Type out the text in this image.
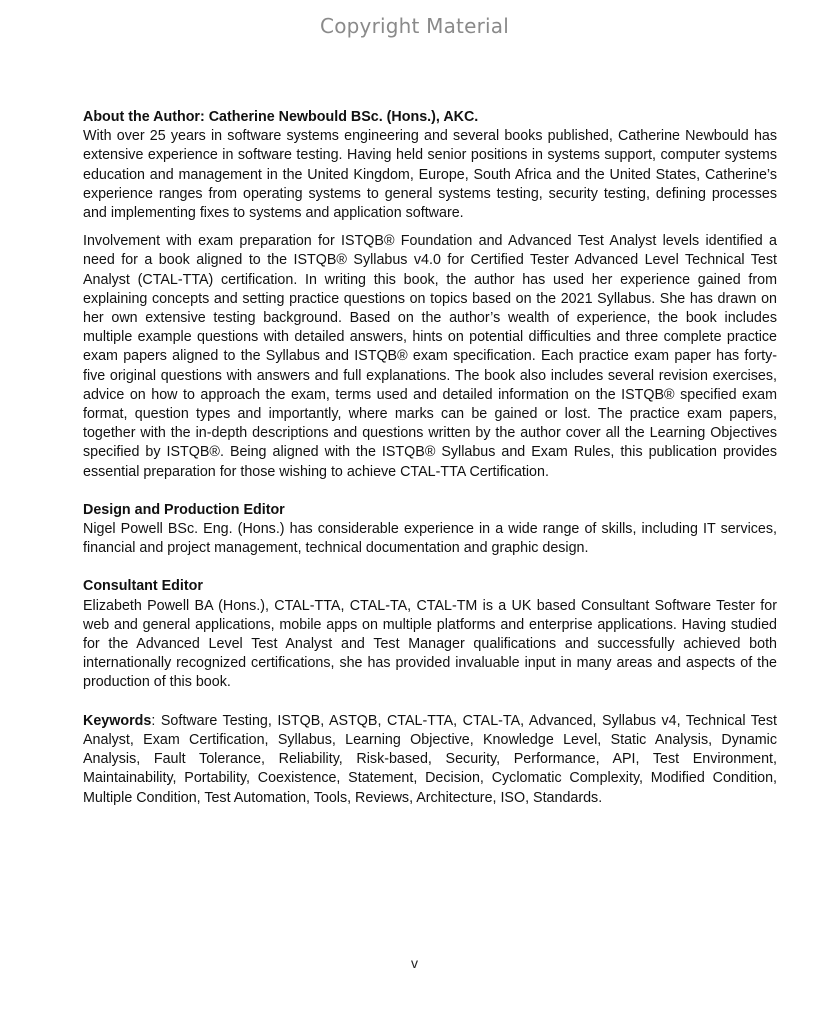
Copyright Material

About the Author: Catherine Newbould BSc. (Hons.), AKC.

With over 25 years in software systems engineering and several books published, Catherine Newbould has extensive experience in software testing. Having held senior positions in systems support, computer systems education and management in the United Kingdom, Europe, South Africa and the United States, Catherine’s experience ranges from operating systems to general systems testing, security testing, defining processes and implementing fixes to systems and application software.

Involvement with exam preparation for ISTQB® Foundation and Advanced Test Analyst levels identified a need for a book aligned to the ISTQB® Syllabus v4.0 for Certified Tester Advanced Level Technical Test Analyst (CTAL-TTA) certification. In writing this book, the author has used her experience gained from explaining concepts and setting practice questions on topics based on the 2021 Syllabus. She has drawn on her own extensive testing background. Based on the author’s wealth of experience, the book includes multiple example questions with detailed answers, hints on potential difficulties and three complete practice exam papers aligned to the Syllabus and ISTQB® exam specification. Each practice exam paper has forty-five original questions with answers and full explanations. The book also includes several revision exercises, advice on how to approach the exam, terms used and detailed information on the ISTQB® specified exam format, question types and importantly, where marks can be gained or lost. The practice exam papers, together with the in-depth descriptions and questions written by the author cover all the Learning Objectives specified by ISTQB®. Being aligned with the ISTQB® Syllabus and Exam Rules, this publication provides essential preparation for those wishing to achieve CTAL-TTA Certification.

Design and Production Editor

Nigel Powell BSc. Eng. (Hons.) has considerable experience in a wide range of skills, including IT services, financial and project management, technical documentation and graphic design.

Consultant Editor

Elizabeth Powell BA (Hons.), CTAL-TTA, CTAL-TA, CTAL-TM is a UK based Consultant Software Tester for web and general applications, mobile apps on multiple platforms and enterprise applications. Having studied for the Advanced Level Test Analyst and Test Manager qualifications and successfully achieved both internationally recognized certifications, she has provided invaluable input in many areas and aspects of the production of this book.

Keywords: Software Testing, ISTQB, ASTQB, CTAL-TTA, CTAL-TA, Advanced, Syllabus v4, Technical Test Analyst, Exam Certification, Syllabus, Learning Objective, Knowledge Level, Static Analysis, Dynamic Analysis, Fault Tolerance, Reliability, Risk-based, Security, Performance, API, Test Environment, Maintainability, Portability, Coexistence, Statement, Decision, Cyclomatic Complexity, Modified Condition, Multiple Condition, Test Automation, Tools, Reviews, Architecture, ISO, Standards.

v
